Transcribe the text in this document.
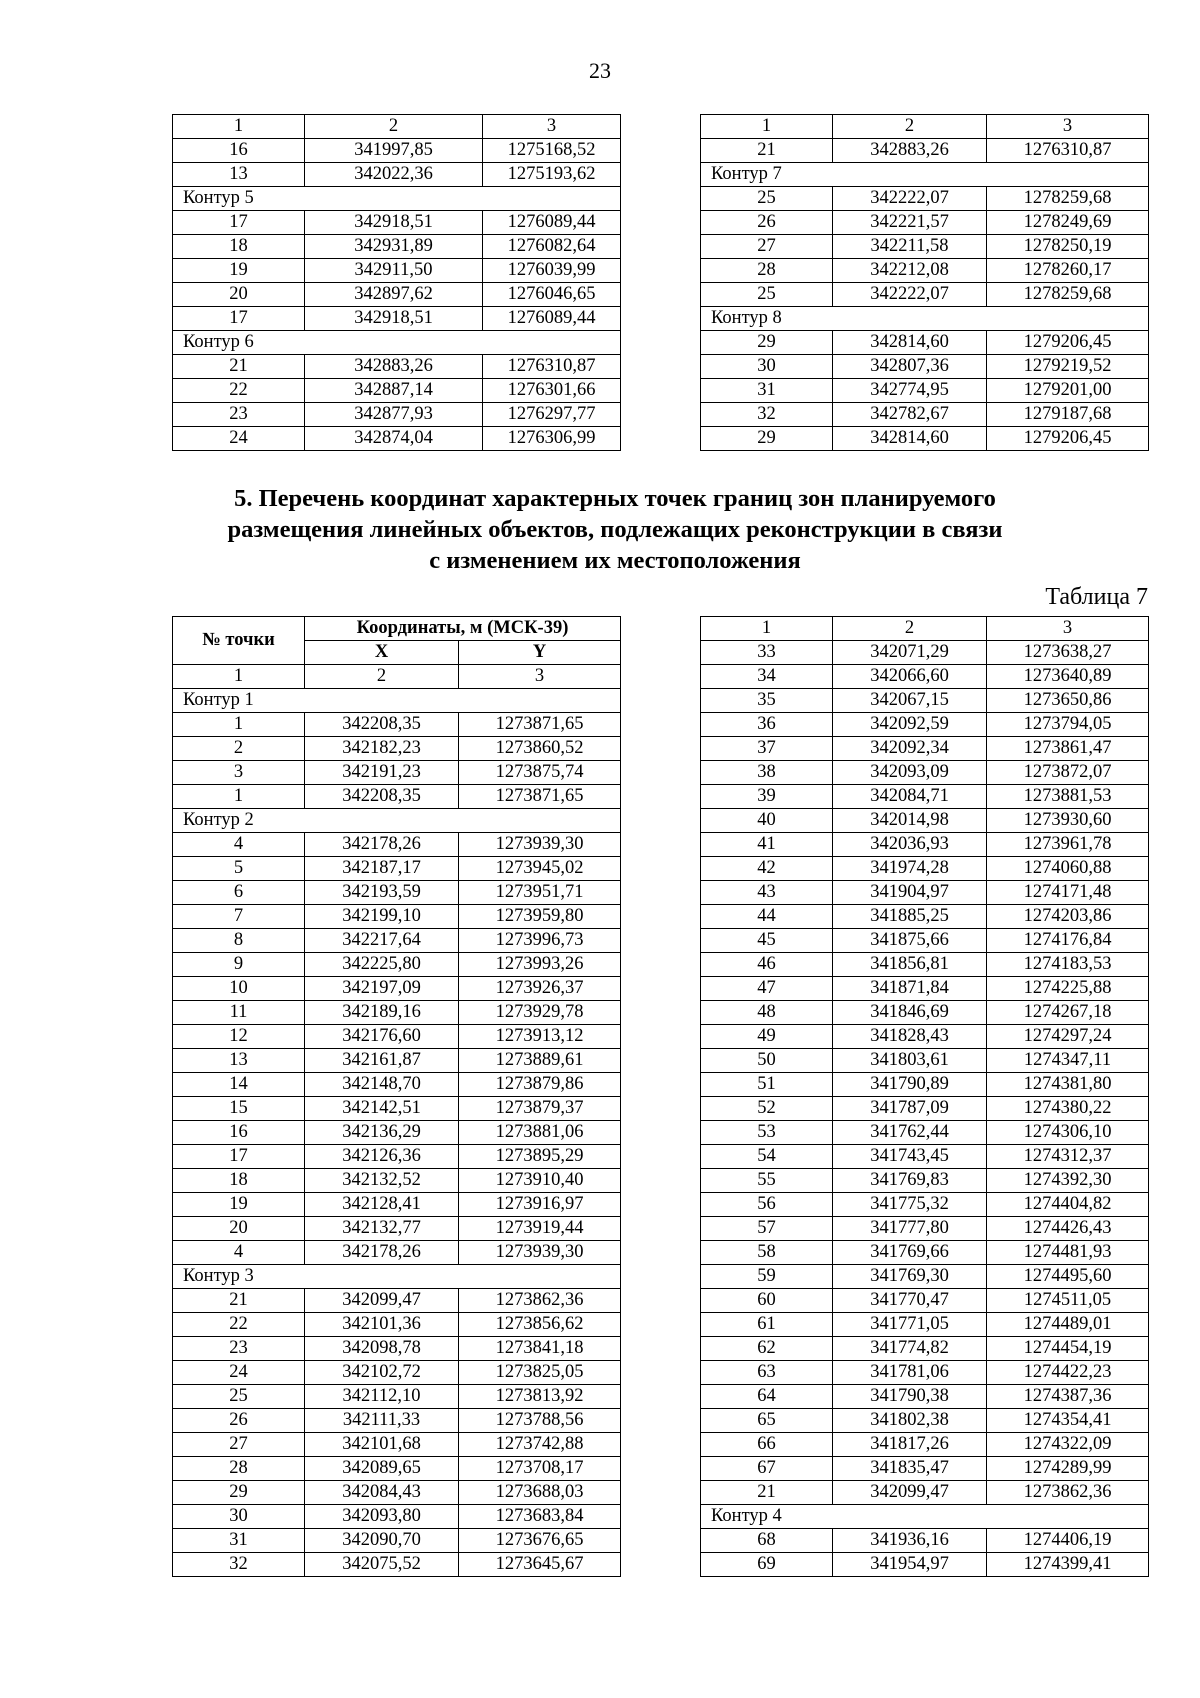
23
1	2	3
16	341997,85	1275168,52
13	342022,36	1275193,62
Контур 5		
17	342918,51	1276089,44
18	342931,89	1276082,64
19	342911,50	1276039,99
20	342897,62	1276046,65
17	342918,51	1276089,44
Контур 6		
21	342883,26	1276310,87
22	342887,14	1276301,66
23	342877,93	1276297,77
24	342874,04	1276306,99
1	2	3
21	342883,26	1276310,87
Контур 7		
25	342222,07	1278259,68
26	342221,57	1278249,69
27	342211,58	1278250,19
28	342212,08	1278260,17
25	342222,07	1278259,68
Контур 8		
29	342814,60	1279206,45
30	342807,36	1279219,52
31	342774,95	1279201,00
32	342782,67	1279187,68
29	342814,60	1279206,45
5. Перечень координат характерных точек границ зон планируемого
размещения линейных объектов, подлежащих реконструкции в связи
с изменением их местоположения
Таблица 7
№ точки	Координаты, м (МСК-39)	
	X	Y
1	2	3
Контур 1		
1	342208,35	1273871,65
2	342182,23	1273860,52
3	342191,23	1273875,74
1	342208,35	1273871,65
Контур 2		
4	342178,26	1273939,30
5	342187,17	1273945,02
6	342193,59	1273951,71
7	342199,10	1273959,80
8	342217,64	1273996,73
9	342225,80	1273993,26
10	342197,09	1273926,37
11	342189,16	1273929,78
12	342176,60	1273913,12
13	342161,87	1273889,61
14	342148,70	1273879,86
15	342142,51	1273879,37
16	342136,29	1273881,06
17	342126,36	1273895,29
18	342132,52	1273910,40
19	342128,41	1273916,97
20	342132,77	1273919,44
4	342178,26	1273939,30
Контур 3		
21	342099,47	1273862,36
22	342101,36	1273856,62
23	342098,78	1273841,18
24	342102,72	1273825,05
25	342112,10	1273813,92
26	342111,33	1273788,56
27	342101,68	1273742,88
28	342089,65	1273708,17
29	342084,43	1273688,03
30	342093,80	1273683,84
31	342090,70	1273676,65
32	342075,52	1273645,67
1	2	3
33	342071,29	1273638,27
34	342066,60	1273640,89
35	342067,15	1273650,86
36	342092,59	1273794,05
37	342092,34	1273861,47
38	342093,09	1273872,07
39	342084,71	1273881,53
40	342014,98	1273930,60
41	342036,93	1273961,78
42	341974,28	1274060,88
43	341904,97	1274171,48
44	341885,25	1274203,86
45	341875,66	1274176,84
46	341856,81	1274183,53
47	341871,84	1274225,88
48	341846,69	1274267,18
49	341828,43	1274297,24
50	341803,61	1274347,11
51	341790,89	1274381,80
52	341787,09	1274380,22
53	341762,44	1274306,10
54	341743,45	1274312,37
55	341769,83	1274392,30
56	341775,32	1274404,82
57	341777,80	1274426,43
58	341769,66	1274481,93
59	341769,30	1274495,60
60	341770,47	1274511,05
61	341771,05	1274489,01
62	341774,82	1274454,19
63	341781,06	1274422,23
64	341790,38	1274387,36
65	341802,38	1274354,41
66	341817,26	1274322,09
67	341835,47	1274289,99
21	342099,47	1273862,36
Контур 4		
68	341936,16	1274406,19
69	341954,97	1274399,41
